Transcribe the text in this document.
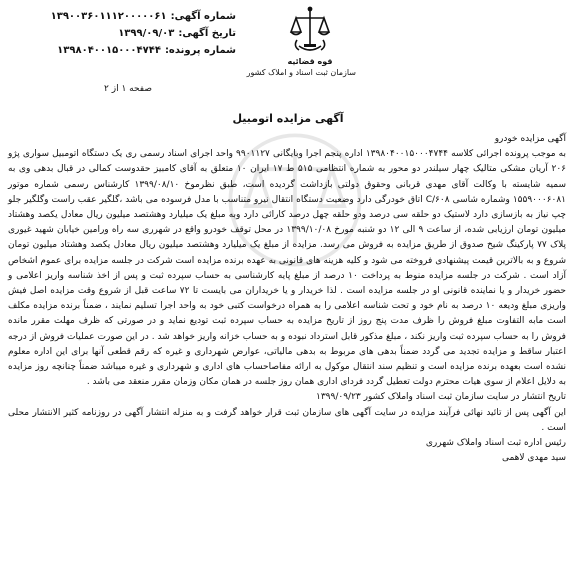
شماره آگهی:
۱۳۹۰۰۳۶۰۱۱۱۲۰۰۰۰۰۶۱
تاریخ آگهی:
۱۳۹۹/۰۹/۰۳
شماره پرونده:
۱۳۹۸۰۴۰۰۱۵۰۰۰۴۷۴۴
قوه قضائیه
سازمان ثبت اسناد و املاک کشور
صفحه ۱ از ۲
آگهی مزایده اتومبیل

آگهی مزایده خودرو

به موجب پرونده اجرائی کلاسه ۱۳۹۸۰۴۰۰۱۵۰۰۰۴۷۴۴ اداره پنجم اجرا وبایگانی ۹۹۰۱۱۲۷ واحد اجرای اسناد رسمی ری یک دستگاه اتومبیل سواری پژو ۲۰۶ آریان مشکی متالیک چهار سیلندر دو محور به شماره انتظامی ۵۱۵ ط ۱۷ ایران ۱۰ متعلق به آقای کامبیز حقدوست کمالی در قبال بدهی وی به سمیه شایسته با وکالت آقای مهدی قربانی وحقوق دولتی بازداشت گردیده است، طبق نظرموخ ۱۳۹۹/۰۸/۱۰ کارشناس رسمی شماره موتور ۱۵۵۹۰۰۰۶۰۸۱ وشماره شاسی ۶۰۸/C اتاق خودرگی دارد وضعیت دستگاه انتقال نیرو متناسب با مدل فرسوده می باشد ،گلگیر عقب راست وگلگیر جلو چپ نیاز به بازسازی دارد لاستیک دو حلقه سی درصد ودو حلقه چهل درصد کارائی دارد وبه مبلغ یک میلیارد وهشتصد میلیون ریال معادل یکصد وهشتاد میلیون تومان ارزیابی شده، از ساعت ۹ الی ۱۲ دو شنبه مورخ ۱۳۹۹/۱۰/۰۸ در محل توقف خودرو واقع در شهرری سه راه ورامین خیابان شهید غیوری پلاک ۷۷ پارکینگ شیخ صدوق از طریق مزایده به فروش می رسد. مزایده از مبلغ یک میلیارد وهشتصد میلیون ریال معادل یکصد وهشتاد میلیون تومان شروع و به بالاترین قیمت پیشنهادی فروخته می شود و کلیه هزینه های قانونی به عهده برنده مزایده است شرکت در جلسه مزایده برای عموم اشخاص آزاد است . شرکت در جلسه مزایده منوط به پرداخت ۱۰ درصد از مبلغ پایه کارشناسی به حساب سپرده ثبت و پس از اخذ شناسه واریز اعلامی و حضور خریدار و یا نماینده قانونی او در جلسه مزایده است . لذا خریدار و یا خریداران می بایست تا ۷۲ ساعت قبل از شروع وقت مزایده اصل فیش واریزی مبلغ ودیعه ۱۰ درصد به نام خود و تحت شناسه اعلامی را به همراه درخواست کتبی خود به واحد اجرا تسلیم نمایند ، ضمناً برنده مزایده مکلف است مابه التفاوت مبلغ فروش را ظرف مدت پنج روز از تاریخ مزایده به حساب سپرده ثبت تودیع نماید و در صورتی که ظرف مهلت مقرر مانده فروش را به حساب سپرده ثبت واریز نکند ، مبلغ مذکور قابل استرداد نبوده و به حساب خزانه واریز خواهد شد . در این صورت عملیات فروش از درجه اعتبار ساقط و مزایده تجدید می گردد ضمناً بدهی های مربوط به بدهی مالیاتی، عوارض شهرداری و غیره که رقم قطعی آنها برای این اداره معلوم نشده است بعهده برنده مزایده است و تنظیم سند انتقال موکول به ارائه مفاصاحساب های اداری و شهرداری و غیره میباشد ضمناً چنانچه روز مزایده به دلایل اعلام از سوی هیات محترم دولت تعطیل گردد فردای اداری همان روز جلسه در همان مکان وزمان مقرر منعقد می باشد .

تاریخ انتشار در سایت سازمان ثبت اسناد واملاک کشور ۱۳۹۹/۰۹/۲۳

این آگهی پس از تائید نهائی فرآیند مزایده در سایت آگهی های سازمان ثبت قرار خواهد گرفت و به منزله انتشار آگهی در روزنامه کثیر الانتشار محلی است .

رئیس اداره ثبت اسناد واملاک شهرری

سید مهدی لاهمی
